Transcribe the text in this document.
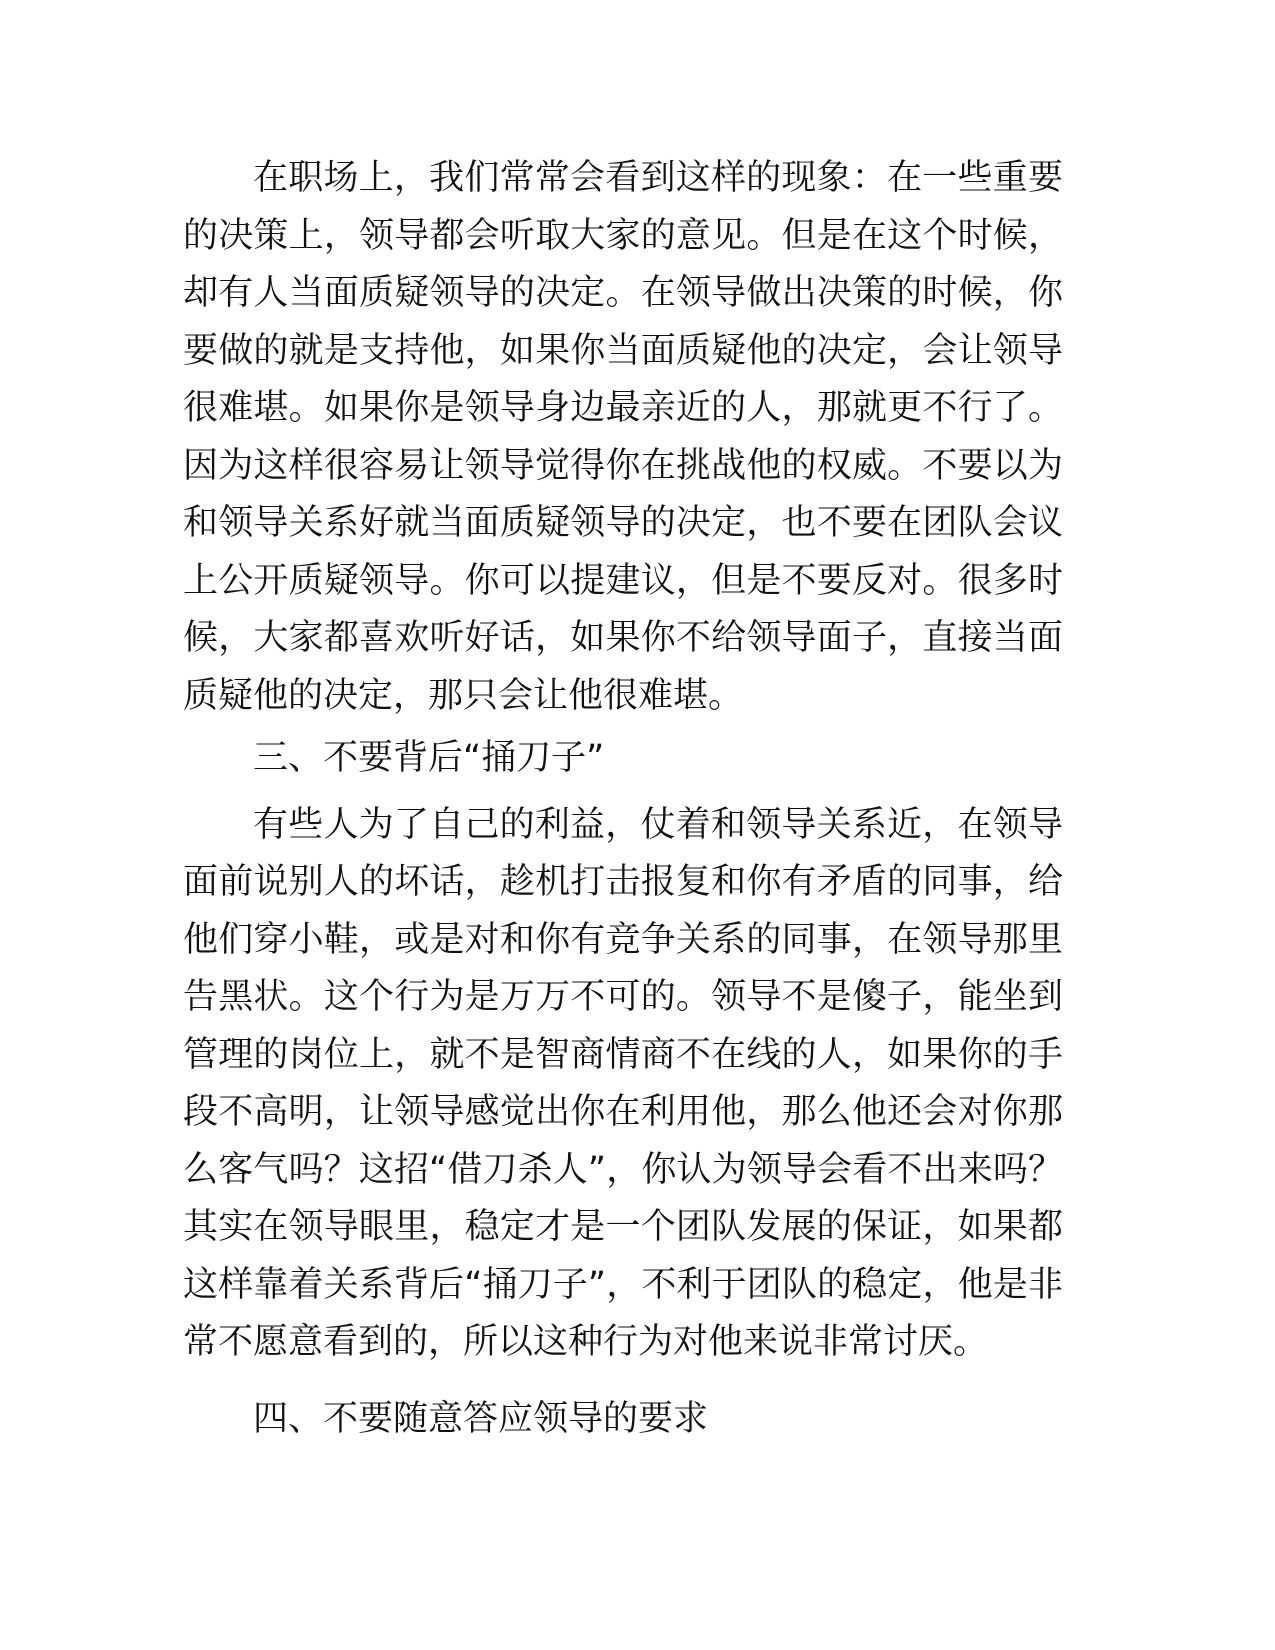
在职场上，我们常常会看到这样的现象：在一些重要的决策上，领导都会听取大家的意见。但是在这个时候，却有人当面质疑领导的决定。在领导做出决策的时候，你要做的就是支持他，如果你当面质疑他的决定，会让领导很难堪。如果你是领导身边最亲近的人，那就更不行了。因为这样很容易让领导觉得你在挑战他的权威。不要以为和领导关系好就当面质疑领导的决定，也不要在团队会议上公开质疑领导。你可以提建议，但是不要反对。很多时候，大家都喜欢听好话，如果你不给领导面子，直接当面质疑他的决定，那只会让他很难堪。

三、不要背后“捅刀子”

有些人为了自己的利益，仗着和领导关系近，在领导面前说别人的坏话，趁机打击报复和你有矛盾的同事，给他们穿小鞋，或是对和你有竞争关系的同事，在领导那里告黑状。这个行为是万万不可的。领导不是傻子，能坐到管理的岗位上，就不是智商情商不在线的人，如果你的手段不高明，让领导感觉出你在利用他，那么他还会对你那么客气吗？这招“借刀杀人”，你认为领导会看不出来吗？其实在领导眼里，稳定才是一个团队发展的保证，如果都这样靠着关系背后“捅刀子”，不利于团队的稳定，他是非常不愿意看到的，所以这种行为对他来说非常讨厌。

四、不要随意答应领导的要求
